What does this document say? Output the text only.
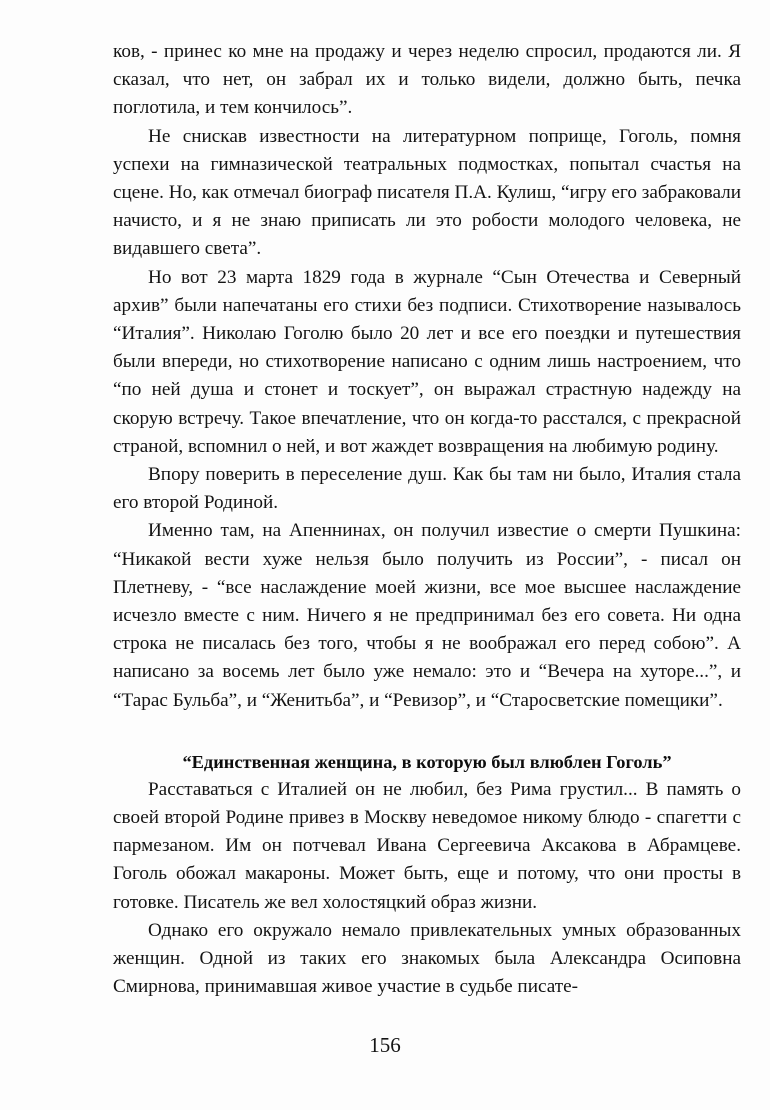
ков, - принес ко мне на продажу и через неделю спросил, продаются ли. Я сказал, что нет, он забрал их и только видели, должно быть, печка поглотила, и тем кончилось”.

Не снискав известности на литературном поприще, Гоголь, помня успехи на гимназической театральных подмостках, попытал счастья на сцене. Но, как отмечал биограф писателя П.А. Кулиш, “игру его забраковали начисто, и я не знаю приписать ли это робости молодого человека, не видавшего света”.

Но вот 23 марта 1829 года в журнале “Сын Отечества и Северный архив” были напечатаны его стихи без подписи. Стихотворение называлось “Италия”. Николаю Гоголю было 20 лет и все его поездки и путешествия были впереди, но стихотворение написано с одним лишь настроением, что “по ней душа и стонет и тоскует”, он выражал страстную надежду на скорую встречу. Такое впечатление, что он когда-то расстался, с прекрасной страной, вспомнил о ней, и вот жаждет возвращения на любимую родину.

Впору поверить в переселение душ. Как бы там ни было, Италия стала его второй Родиной.

Именно там, на Апеннинах, он получил известие о смерти Пушкина: “Никакой вести хуже нельзя было получить из России”, - писал он Плетневу, - “все наслаждение моей жизни, все мое высшее наслаждение исчезло вместе с ним. Ничего я не предпринимал без его совета. Ни одна строка не писалась без того, чтобы я не воображал его перед собою”. А написано за восемь лет было уже немало: это и “Вечера на хуторе...”, и “Тарас Бульба”, и “Женитьба”, и “Ревизор”, и “Старосветские помещики”.

“Единственная женщина, в которую был влюблен Гоголь”

Расставаться с Италией он не любил, без Рима грустил... В память о своей второй Родине привез в Москву неведомое никому блюдо - спагетти с пармезаном. Им он потчевал Ивана Сергеевича Аксакова в Абрамцеве. Гоголь обожал макароны. Может быть, еще и потому, что они просты в готовке. Писатель же вел холостяцкий образ жизни.

Однако его окружало немало привлекательных умных образованных женщин. Одной из таких его знакомых была Александра Осиповна Смирнова, принимавшая живое участие в судьбе писате-

156
